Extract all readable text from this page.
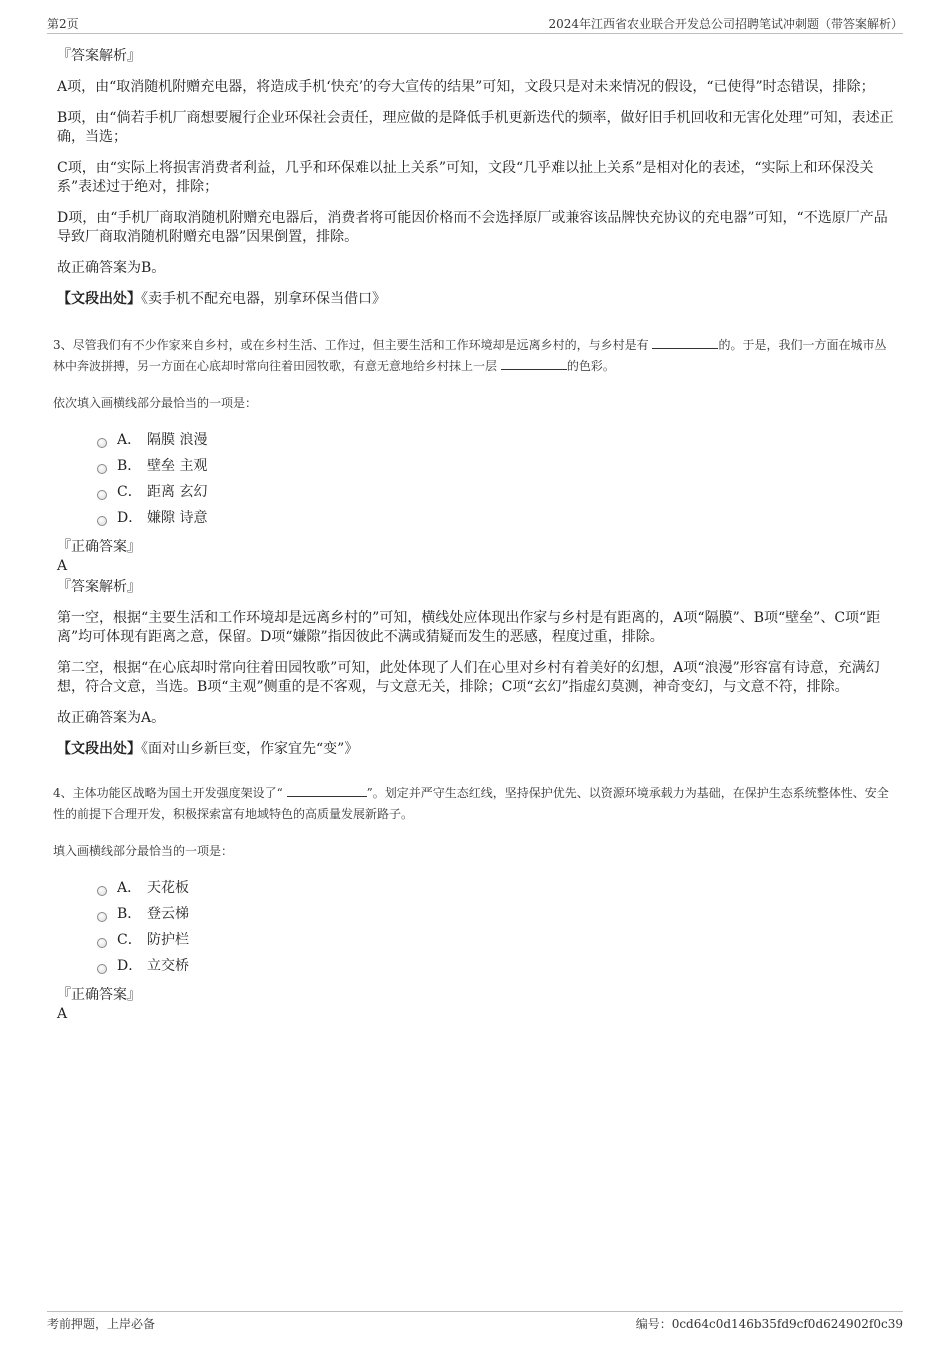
第2页	2024年江西省农业联合开发总公司招聘笔试冲刺题（带答案解析）
『答案解析』
A项，由“取消随机附赠充电器，将造成手机‘快充’的夸大宣传的结果”可知，文段只是对未来情况的假设，“已使得”时态错误，排除；
B项，由“倘若手机厂商想要履行企业环保社会责任，理应做的是降低手机更新迭代的频率，做好旧手机回收和无害化处理”可知，表述正确，当选；
C项，由“实际上将损害消费者利益，几乎和环保难以扯上关系”可知，文段“几乎难以扯上关系”是相对化的表述，“实际上和环保没关系”表述过于绝对，排除；
D项，由“手机厂商取消随机附赠充电器后，消费者将可能因价格而不会选择原厂或兼容该品牌快充协议的充电器”可知，“不选原厂产品导致厂商取消随机附赠充电器”因果倒置，排除。
故正确答案为B。
【文段出处】《卖手机不配充电器，别拿环保当借口》
3、尽管我们有不少作家来自乡村，或在乡村生活、工作过，但主要生活和工作环境却是远离乡村的，与乡村是有	的。于是，我们一方面在城市丛林中奔波拼搏，另一方面在心底却时常向往着田园牧歌，有意无意地给乡村抹上一层	的色彩。
依次填入画横线部分最恰当的一项是：
A． 隔膜 浪漫
B． 壁垒 主观
C． 距离 玄幻
D． 嫌隙 诗意
『正确答案』
A
『答案解析』
第一空，根据“主要生活和工作环境却是远离乡村的”可知，横线处应体现出作家与乡村是有距离的，A项“隔膜”、B项“壁垒”、C项“距离”均可体现有距离之意，保留。D项“嫌隙”指因彼此不满或猜疑而发生的恶感，程度过重，排除。
第二空，根据“在心底却时常向往着田园牧歌”可知，此处体现了人们在心里对乡村有着美好的幻想，A项“浪漫”形容富有诗意，充满幻想，符合文意，当选。B项“主观”侧重的是不客观，与文意无关，排除；C项“玄幻”指虚幻莫测，神奇变幻，与文意不符，排除。
故正确答案为A。
【文段出处】《面对山乡新巨变，作家宜先“变”》
4、主体功能区战略为国土开发强度架设了“	”。划定并严守生态红线，坚持保护优先、以资源环境承载力为基础，在保护生态系统整体性、安全性的前提下合理开发，积极探索富有地域特色的高质量发展新路子。
填入画横线部分最恰当的一项是：
A． 天花板
B． 登云梯
C． 防护栏
D． 立交桥
『正确答案』
A
考前押题，上岸必备	编号：0cd64c0d146b35fd9cf0d624902f0c39
